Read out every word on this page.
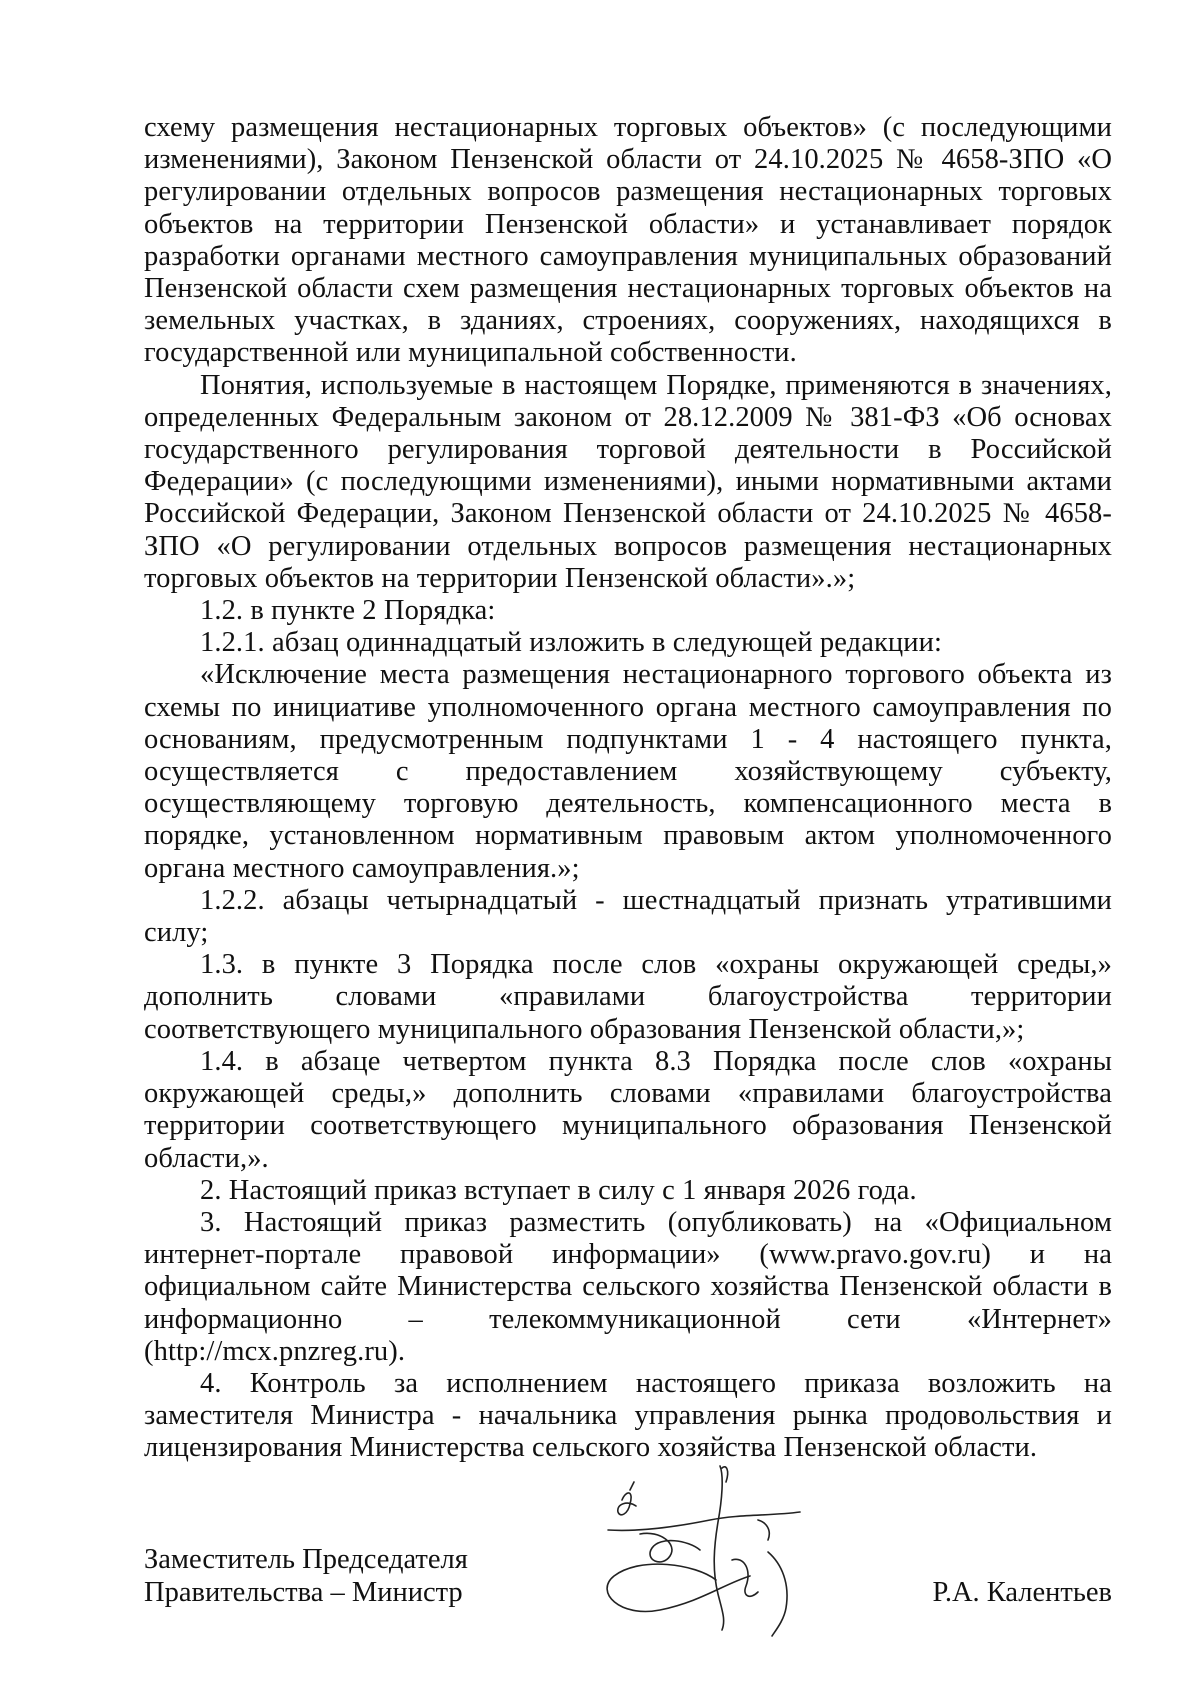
схему размещения нестационарных торговых объектов» (с последующими изменениями), Законом Пензенской области от 24.10.2025 № 4658-ЗПО «О регулировании отдельных вопросов размещения нестационарных торговых объектов на территории Пензенской области» и устанавливает порядок разработки органами местного самоуправления муниципальных образований Пензенской области схем размещения нестационарных торговых объектов на земельных участках, в зданиях, строениях, сооружениях, находящихся в государственной или муниципальной собственности.

Понятия, используемые в настоящем Порядке, применяются в значениях, определенных Федеральным законом от 28.12.2009 № 381-ФЗ «Об основах государственного регулирования торговой деятельности в Российской Федерации» (с последующими изменениями), иными нормативными актами Российской Федерации, Законом Пензенской области от 24.10.2025 № 4658-ЗПО «О регулировании отдельных вопросов размещения нестационарных торговых объектов на территории Пензенской области».»;

1.2. в пункте 2 Порядка:

1.2.1. абзац одиннадцатый изложить в следующей редакции:

«Исключение места размещения нестационарного торгового объекта из схемы по инициативе уполномоченного органа местного самоуправления по основаниям, предусмотренным подпунктами 1 - 4 настоящего пункта, осуществляется с предоставлением хозяйствующему субъекту, осуществляющему торговую деятельность, компенсационного места в порядке, установленном нормативным правовым актом уполномоченного органа местного самоуправления.»;

1.2.2. абзацы четырнадцатый - шестнадцатый признать утратившими силу;

1.3. в пункте 3 Порядка после слов «охраны окружающей среды,» дополнить словами «правилами благоустройства территории соответствующего муниципального образования Пензенской области,»;

1.4. в абзаце четвертом пункта 8.3 Порядка после слов «охраны окружающей среды,» дополнить словами «правилами благоустройства территории соответствующего муниципального образования Пензенской области,».

2. Настоящий приказ вступает в силу с 1 января 2026 года.

3. Настоящий приказ разместить (опубликовать) на «Официальном интернет-портале правовой информации» (www.pravo.gov.ru) и на официальном сайте Министерства сельского хозяйства Пензенской области в информационно – телекоммуникационной сети «Интернет» (http://mcx.pnzreg.ru).

4. Контроль за исполнением настоящего приказа возложить на заместителя Министра - начальника управления рынка продовольствия и лицензирования Министерства сельского хозяйства Пензенской области.

Заместитель Председателя
Правительства – Министр	Р.А. Калентьев
